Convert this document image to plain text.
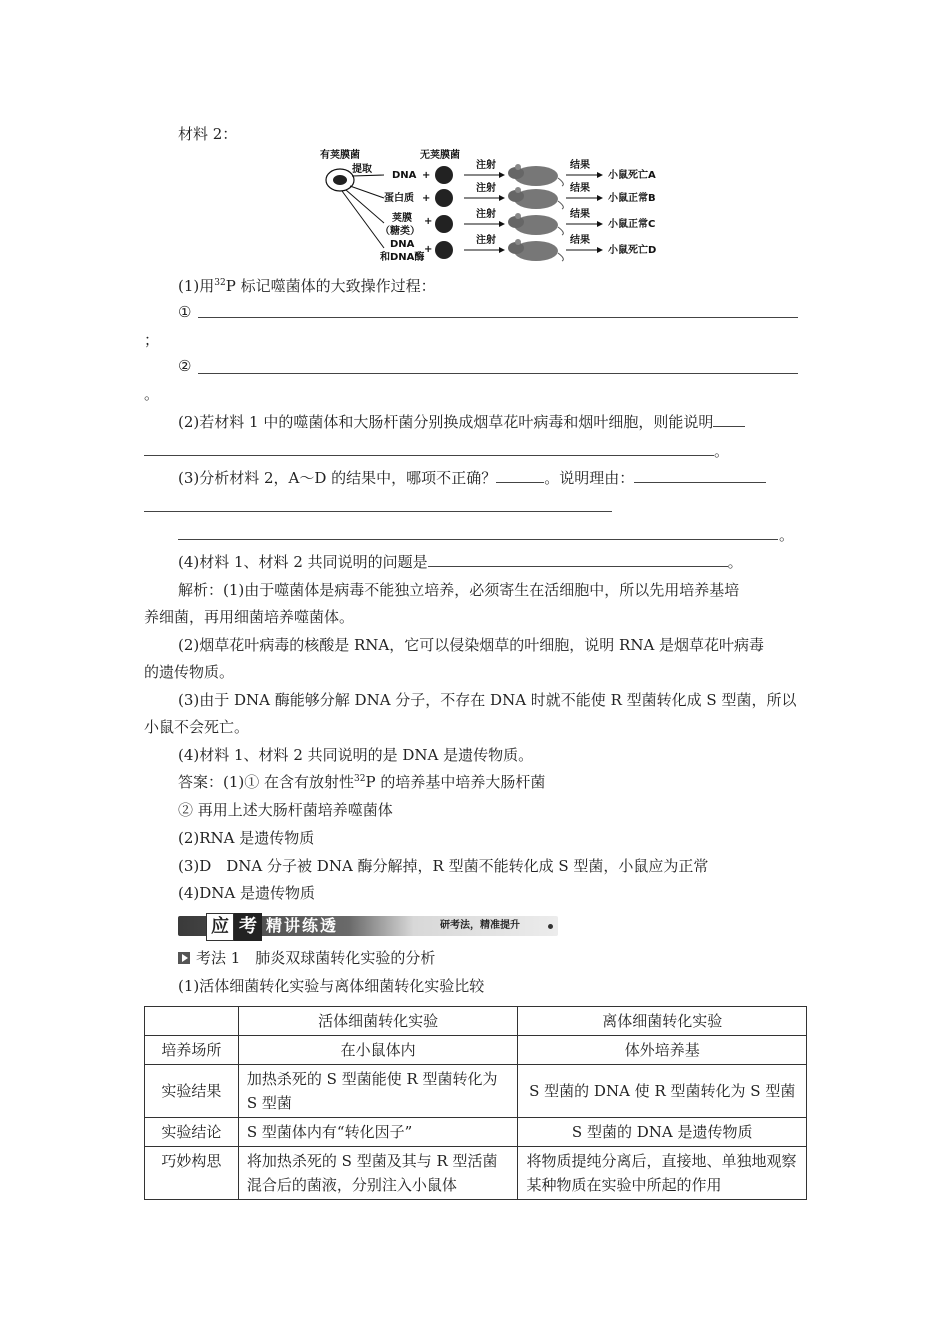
材料 2：
有荚膜菌
提取
无荚膜菌
DNA +
注射	结果
小鼠死亡A
蛋白质 +
注射	结果
小鼠正常B
荚膜
（糖类）
+
注射	结果
小鼠正常C
DNA
和DNA酶
+
注射	结果
小鼠死亡D
(1)用$^{32}$P 标记噬菌体的大致操作过程：
①
；
②
。
(2)若材料 1 中的噬菌体和大肠杆菌分别换成烟草花叶病毒和烟叶细胞，则能说明
。
(3)分析材料 2，A～D 的结果中，哪项不正确？	。说明理由：
。
(4)材料 1、材料 2 共同说明的问题是	。
解析：(1)由于噬菌体是病毒不能独立培养，必须寄生在活细胞中，所以先用培养基培
养细菌，再用细菌培养噬菌体。
(2)烟草花叶病毒的核酸是 RNA，它可以侵染烟草的叶细胞，说明 RNA 是烟草花叶病毒
的遗传物质。
(3)由于 DNA 酶能够分解 DNA 分子，不存在 DNA 时就不能使 R 型菌转化成 S 型菌，所以
小鼠不会死亡。
(4)材料 1、材料 2 共同说明的是 DNA 是遗传物质。
答案：(1)① 在含有放射性$^{32}$P 的培养基中培养大肠杆菌
② 再用上述大肠杆菌培养噬菌体
(2)RNA 是遗传物质
(3)D　DNA 分子被 DNA 酶分解掉，R 型菌不能转化成 S 型菌，小鼠应为正常
(4)DNA 是遗传物质
应 考 精讲练透	研考法，精准提升
考法 1　肺炎双球菌转化实验的分析
(1)活体细菌转化实验与离体细菌转化实验比较
	活体细菌转化实验	离体细菌转化实验
培养场所	在小鼠体内	体外培养基
实验结果	加热杀死的 S 型菌能使 R 型菌转化为 S 型菌	S 型菌的 DNA 使 R 型菌转化为 S 型菌
实验结论	S 型菌体内有“转化因子”	S 型菌的 DNA 是遗传物质
巧妙构思	将加热杀死的 S 型菌及其与 R 型活菌混合后的菌液，分别注入小鼠体	将物质提纯分离后，直接地、单独地观察某种物质在实验中所起的作用
